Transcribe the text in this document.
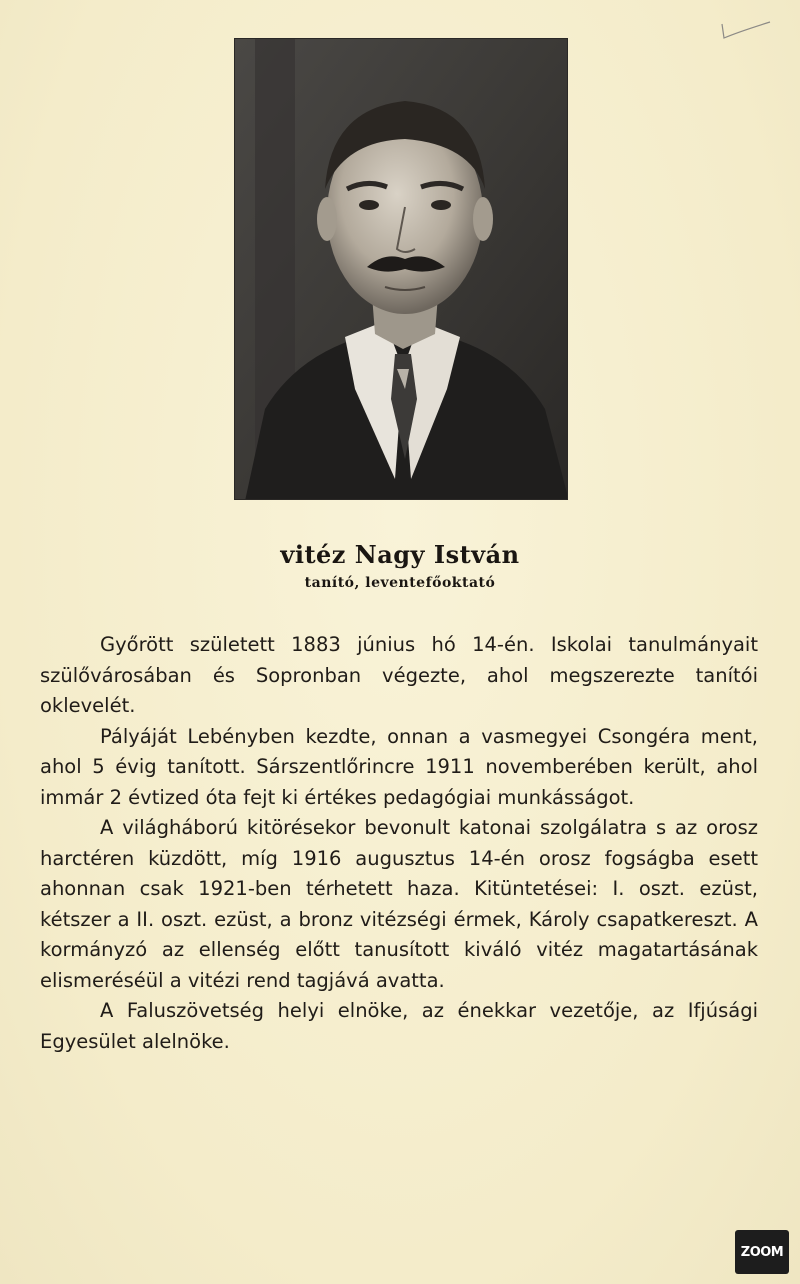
vitéz Nagy István
tanító, leventefőoktató

Győrött született 1883 június hó 14-én. Iskolai tanulmányait szülővárosában és Sopronban végezte, ahol megszerezte tanítói oklevelét.

Pályáját Lebényben kezdte, onnan a vasmegyei Csongéra ment, ahol 5 évig tanított. Sárszentlőrincre 1911 novemberében került, ahol immár 2 évtized óta fejt ki értékes pedagógiai munkásságot.

A világháború kitörésekor bevonult katonai szolgálatra s az orosz harctéren küzdött, míg 1916 augusztus 14-én orosz fogságba esett ahonnan csak 1921-ben térhetett haza. Kitüntetései: I. oszt. ezüst, kétszer a II. oszt. ezüst, a bronz vitézségi érmek, Károly csapatkereszt. A kormányzó az ellenség előtt tanusított kiváló vitéz magatartásának elismeréséül a vitézi rend tagjává avatta.

A Faluszövetség helyi elnöke, az énekkar vezetője, az Ifjúsági Egyesület alelnöke.

ZOOM
